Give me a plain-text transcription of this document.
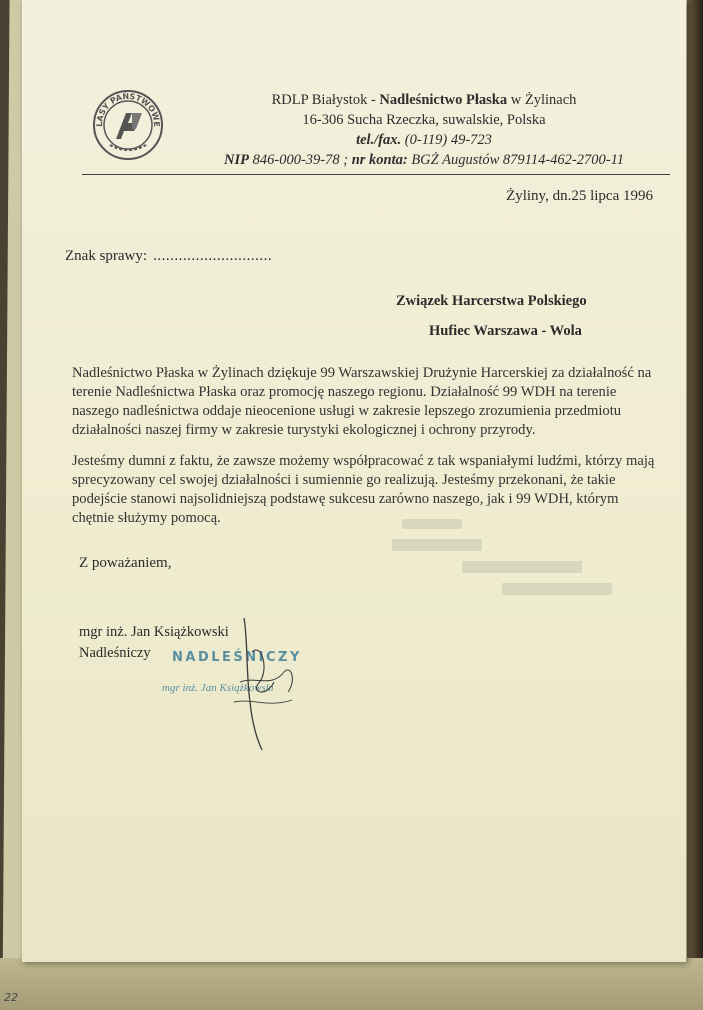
22
LASY PAŃSTWOWE
RDLP Białystok - Nadleśnictwo Płaska w Żylinach
16-306 Sucha Rzeczka, suwalskie, Polska
tel./fax. (0-119) 49-723
NIP 846-000-39-78 ; nr konta: BGŻ Augustów 879114-462-2700-11
Żyliny, dn.25 lipca 1996
Znak sprawy: ............................
Związek Harcerstwa Polskiego
Hufiec Warszawa - Wola

Nadleśnictwo Płaska w Żylinach dziękuje 99 Warszawskiej Drużynie Harcerskiej za działalność na terenie Nadleśnictwa Płaska oraz promocję naszego regionu. Działalność 99 WDH na terenie naszego nadleśnictwa oddaje nieocenione usługi w zakresie lepszego zrozumienia przedmiotu działalności naszej firmy w zakresie turystyki ekologicznej i ochrony przyrody.

Jesteśmy dumni z faktu, że zawsze możemy współpracować z tak wspaniałymi ludźmi, którzy mają sprecyzowany cel swojej działalności i sumiennie go realizują. Jesteśmy przekonani, że takie podejście stanowi najsolidniejszą podstawę sukcesu zarówno naszego, jak i 99 WDH, którym chętnie służymy pomocą.

Z poważaniem,
mgr inż. Jan Książkowski
Nadleśniczy	NADLEŚNICZY
mgr inż. Jan Książkowski
